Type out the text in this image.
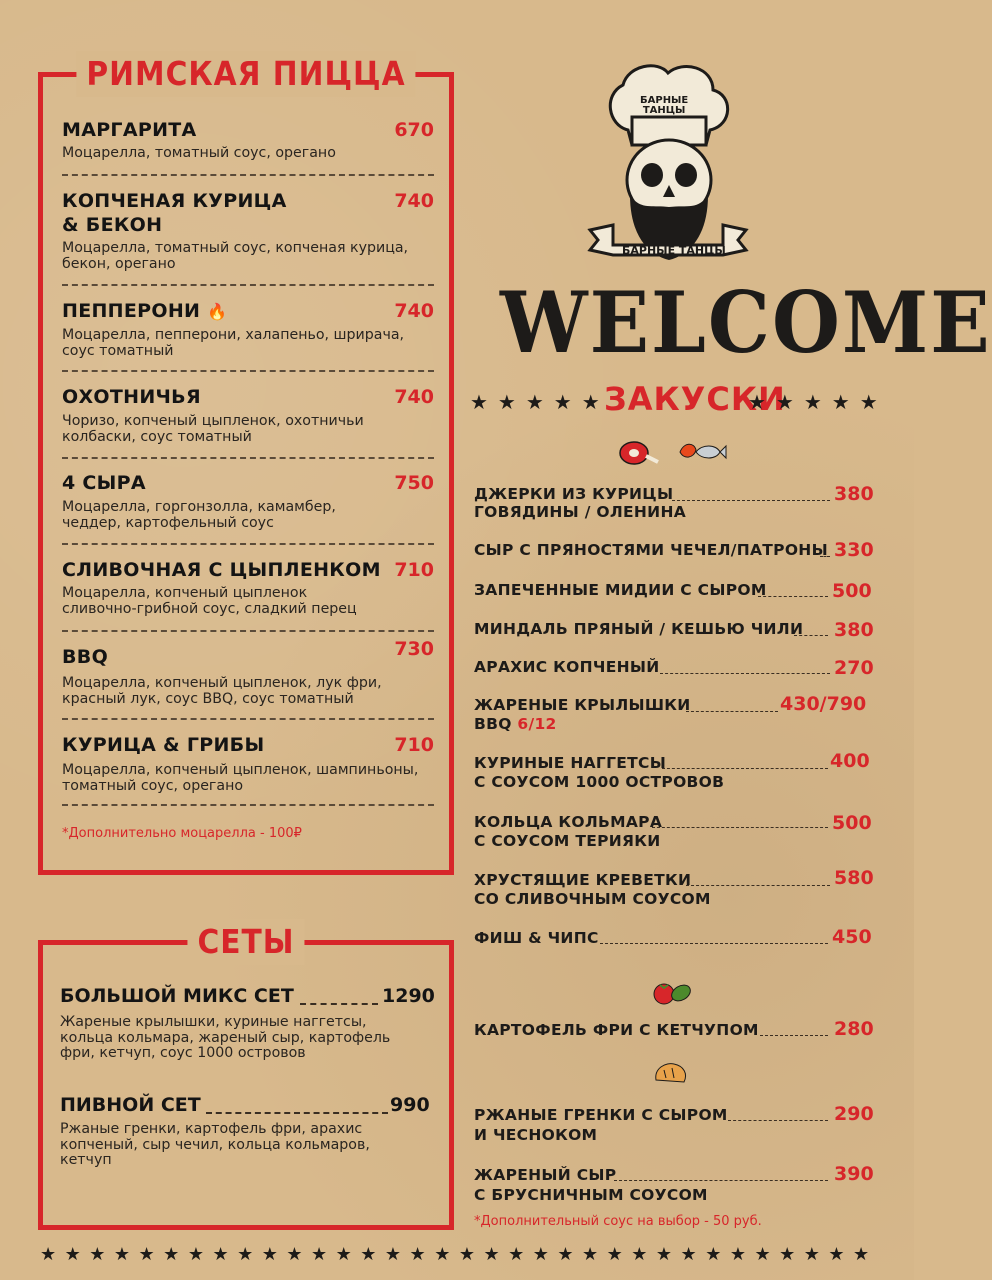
РИМСКАЯ ПИЦЦА
МАРГАРИТА	670
Моцарелла, томатный соус, орегано
КОПЧЕНАЯ КУРИЦА
& БЕКОН
740
Моцарелла, томатный соус, копченая курица,
бекон, орегано
ПЕППЕРОНИ 🔥	740
Моцарелла, пепперони, халапеньо, шрирача,
соус томатный
ОХОТНИЧЬЯ	740
Чоризо, копченый цыпленок, охотничьи
колбаски, соус томатный
4 СЫРА	750
Моцарелла, горгонзолла, камамбер,
чеддер, картофельный соус
СЛИВОЧНАЯ С ЦЫПЛЕНКОМ 710
Моцарелла, копченый цыпленок
сливочно-грибной соус, сладкий перец
BBQ	730
Моцарелла, копченый цыпленок, лук фри,
красный лук, соус BBQ, соус томатный
КУРИЦА & ГРИБЫ	710
Моцарелла, копченый цыпленок, шампиньоны,
томатный соус, орегано
*Дополнительно моцарелла - 100₽
СЕТЫ
БОЛЬШОЙ МИКС СЕТ	1290
Жареные крылышки, куриные наггетсы,
кольца кольмара, жареный сыр, картофель
фри, кетчуп, соус 1000 островов
ПИВНОЙ СЕТ	990
Ржаные гренки, картофель фри, арахис
копченый, сыр чечил, кольца кольмаров,
кетчуп
БАРНЫЕ
ТАНЦЫ
БАРНЫЕ ТАНЦЫ
WELCOME
★★★★★
ЗАКУСКИ
★★★★★
ДЖЕРКИ ИЗ КУРИЦЫ	380
ГОВЯДИНЫ / ОЛЕНИНА
СЫР С ПРЯНОСТЯМИ ЧЕЧЕЛ/ПАТРОНЫ 330
ЗАПЕЧЕННЫЕ МИДИИ С СЫРОМ	500
МИНДАЛЬ ПРЯНЫЙ / КЕШЬЮ ЧИЛИ 380
АРАХИС КОПЧЕНЫЙ	270
ЖАРЕНЫЕ КРЫЛЫШКИ	430/790
BBQ 6/12
КУРИНЫЕ НАГГЕТСЫ	400
С СОУСОМ 1000 ОСТРОВОВ
КОЛЬЦА КОЛЬМАРА	500
С СОУСОМ ТЕРИЯКИ
ХРУСТЯЩИЕ КРЕВЕТКИ	580
СО СЛИВОЧНЫМ СОУСОМ
ФИШ & ЧИПС	450
КАРТОФЕЛЬ ФРИ С КЕТЧУПОМ	280
РЖАНЫЕ ГРЕНКИ С СЫРОМ	290
И ЧЕСНОКОМ
ЖАРЕНЫЙ СЫР	390
С БРУСНИЧНЫМ СОУСОМ
*Дополнительный соус на выбор - 50 руб.
★★★★★★★★★★★★★★★★★★★★★★★★★★★★★★★★★★
